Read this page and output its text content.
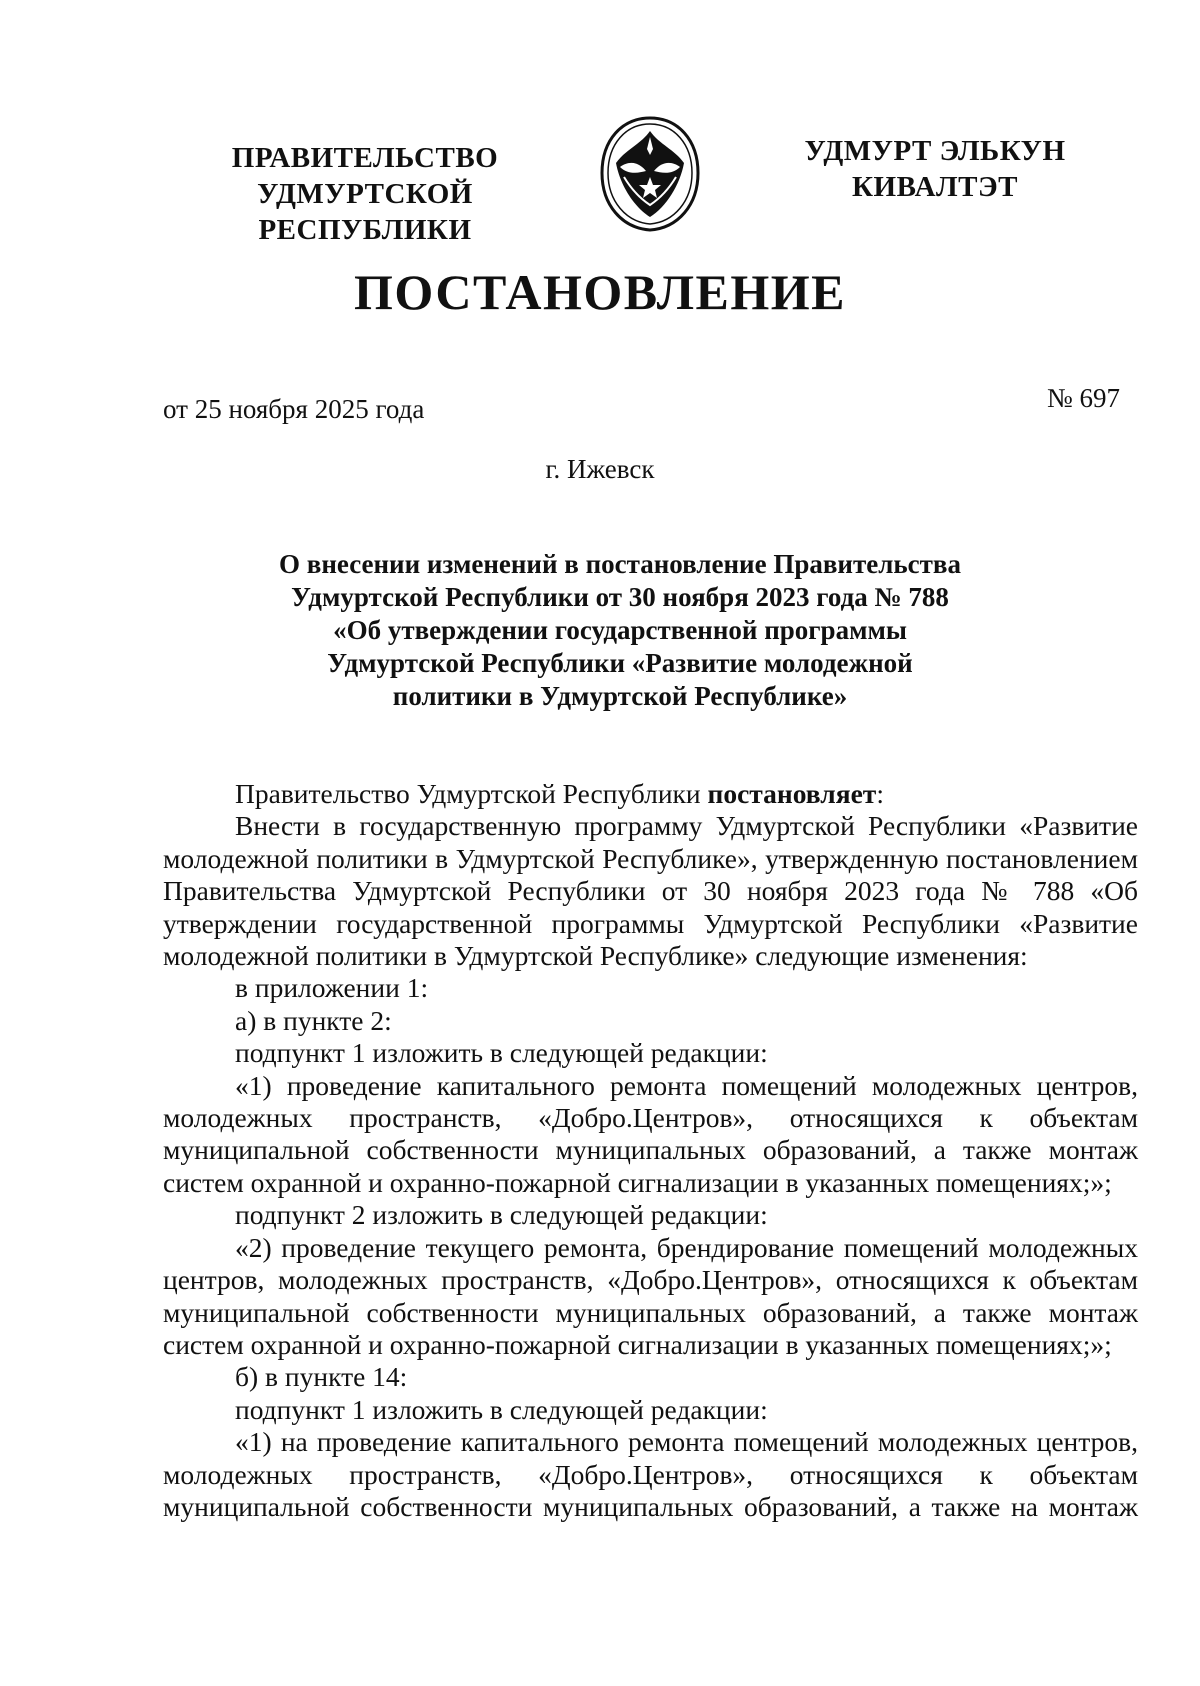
ПРАВИТЕЛЬСТВО
УДМУРТСКОЙ РЕСПУБЛИКИ
УДМУРТ ЭЛЬКУН
КИВАЛТЭТ
ПОСТАНОВЛЕНИЕ
от 25 ноября 2025 года	№ 697
г. Ижевск
О внесении изменений в постановление Правительства
Удмуртской Республики от 30 ноября 2023 года № 788
«Об утверждении государственной программы
Удмуртской Республики «Развитие молодежной
политики в Удмуртской Республике»

Правительство Удмуртской Республики постановляет:

Внести в государственную программу Удмуртской Республики «Развитие молодежной политики в Удмуртской Республике», утвержденную постановлением Правительства Удмуртской Республики от 30 ноября 2023 года № 788 «Об утверждении государственной программы Удмуртской Республики «Развитие молодежной политики в Удмуртской Республике» следующие изменения:

в приложении 1:

а) в пункте 2:

подпункт 1 изложить в следующей редакции:

«1) проведение капитального ремонта помещений молодежных центров, молодежных пространств, «Добро.Центров», относящихся к объектам муниципальной собственности муниципальных образований, а также монтаж систем охранной и охранно-пожарной сигнализации в указанных помещениях;»;

подпункт 2 изложить в следующей редакции:

«2) проведение текущего ремонта, брендирование помещений молодежных центров, молодежных пространств, «Добро.Центров», относящихся к объектам муниципальной собственности муниципальных образований, а также монтаж систем охранной и охранно-пожарной сигнализации в указанных помещениях;»;

б) в пункте 14:

подпункт 1 изложить в следующей редакции:

«1) на проведение капитального ремонта помещений молодежных центров, молодежных пространств, «Добро.Центров», относящихся к объектам муниципальной собственности муниципальных образований, а также на монтаж
